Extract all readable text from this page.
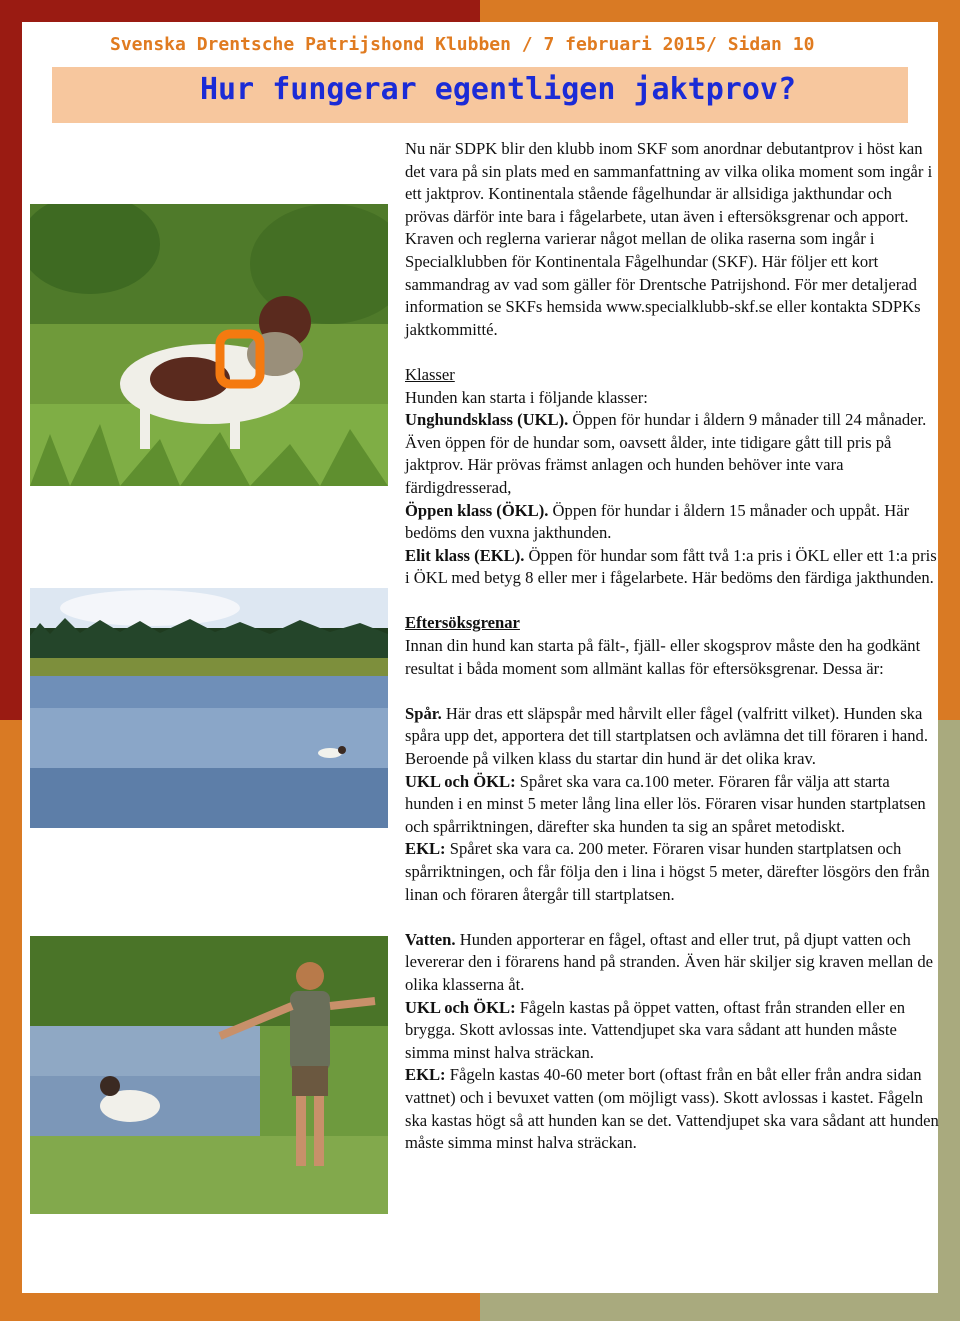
Svenska Drentsche Patrijshond Klubben / 7 februari 2015/ Sidan 10
Hur fungerar egentligen jaktprov?

Nu när SDPK blir den klubb inom SKF som anordnar debutantprov i höst kan det vara på sin plats med en sammanfattning av vilka olika moment som ingår i ett jaktprov. Kontinentala stående fågelhundar är allsidiga jakthundar och prövas därför inte bara i fågelarbete, utan även i eftersöksgrenar och apport. Kraven och reglerna varierar något mellan de olika raserna som ingår i Specialklubben för Kontinentala Fågelhundar (SKF). Här följer ett kort sammandrag av vad som gäller för Drentsche Patrijshond. För mer detaljerad information se SKFs hemsida www.specialklubb-skf.se eller kontakta SDPKs jaktkommitté.

Klasser

Hunden kan starta i följande klasser:

Unghundsklass (UKL). Öppen för hundar i åldern 9 månader till 24 månader. Även öppen för de hundar som, oavsett ålder, inte tidigare gått till pris på jaktprov. Här prövas främst anlagen och hunden behöver inte vara färdigdresserad,

Öppen klass (ÖKL). Öppen för hundar i åldern 15 månader och uppåt. Här bedöms den vuxna jakthunden.

Elit klass (EKL). Öppen för hundar som fått två 1:a pris i ÖKL eller ett 1:a pris i ÖKL med betyg 8 eller mer i fågelarbete. Här bedöms den färdiga jakthunden.

Eftersöksgrenar

Innan din hund kan starta på fält-, fjäll- eller skogsprov måste den ha godkänt resultat i båda moment som allmänt kallas för eftersöksgrenar. Dessa är:

Spår. Här dras ett släpspår med hårvilt eller fågel (valfritt vilket). Hunden ska spåra upp det, apportera det till startplatsen och avlämna det till föraren i hand. Beroende på vilken klass du startar din hund är det olika krav.

UKL och ÖKL: Spåret ska vara ca.100 meter. Föraren får välja att starta hunden i en minst 5 meter lång lina eller lös. Föraren visar hunden startplatsen och spårriktningen, därefter ska hunden ta sig an spåret metodiskt.

EKL: Spåret ska vara ca. 200 meter. Föraren visar hunden startplatsen och spårriktningen, och får följa den i lina i högst 5 meter, därefter lösgörs den från linan och föraren återgår till startplatsen.

Vatten. Hunden apporterar en fågel, oftast and eller trut, på djupt vatten och levererar den i förarens hand på stranden. Även här skiljer sig kraven mellan de olika klasserna åt.

UKL och ÖKL: Fågeln kastas på öppet vatten, oftast från stranden eller en brygga. Skott avlossas inte. Vattendjupet ska vara sådant att hunden måste simma minst halva sträckan.

EKL: Fågeln kastas 40-60 meter bort (oftast från en båt eller från andra sidan vattnet) och i bevuxet vatten (om möjligt vass). Skott avlossas i kastet. Fågeln ska kastas högt så att hunden kan se det. Vattendjupet ska vara sådant att hunden måste simma minst halva sträckan.
